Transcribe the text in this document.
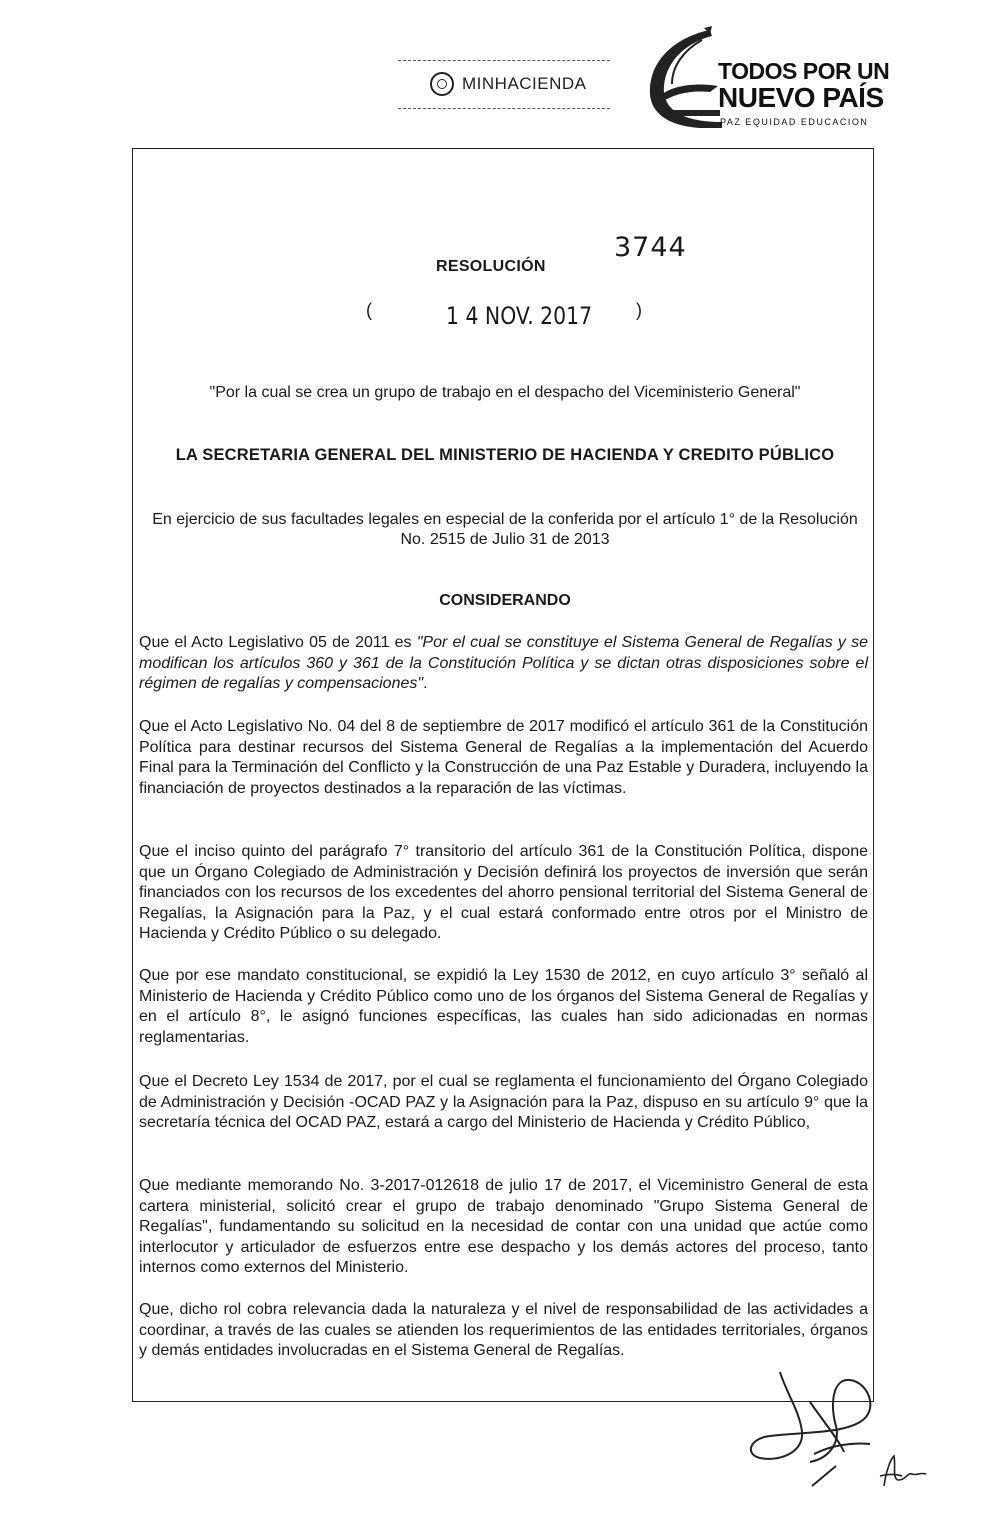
MINHACIENDA	TODOS POR UN
NUEVO PAÍS
PAZ EQUIDAD EDUCACION
RESOLUCIÓN
3744
(	1 4 NOV. 2017 )
"Por la cual se crea un grupo de trabajo en el despacho del Viceministerio General"
LA SECRETARIA GENERAL DEL MINISTERIO DE HACIENDA Y CREDITO PÚBLICO
En ejercicio de sus facultades legales en especial de la conferida por el artículo 1° de la Resolución No. 2515 de Julio 31 de 2013
CONSIDERANDO

Que el Acto Legislativo 05 de 2011 es "Por el cual se constituye el Sistema General de Regalías y se modifican los artículos 360 y 361 de la Constitución Política y se dictan otras disposiciones sobre el régimen de regalías y compensaciones".

Que el Acto Legislativo No. 04 del 8 de septiembre de 2017 modificó el artículo 361 de la Constitución Política para destinar recursos del Sistema General de Regalías a la implementación del Acuerdo Final para la Terminación del Conflicto y la Construcción de una Paz Estable y Duradera, incluyendo la financiación de proyectos destinados a la reparación de las víctimas.

Que el inciso quinto del parágrafo 7° transitorio del artículo 361 de la Constitución Política, dispone que un Órgano Colegiado de Administración y Decisión definirá los proyectos de inversión que serán financiados con los recursos de los excedentes del ahorro pensional territorial del Sistema General de Regalías, la Asignación para la Paz, y el cual estará conformado entre otros por el Ministro de Hacienda y Crédito Público o su delegado.

Que por ese mandato constitucional, se expidió la Ley 1530 de 2012, en cuyo artículo 3° señaló al Ministerio de Hacienda y Crédito Público como uno de los órganos del Sistema General de Regalías y en el artículo 8°, le asignó funciones específicas, las cuales han sido adicionadas en normas reglamentarias.

Que el Decreto Ley 1534 de 2017, por el cual se reglamenta el funcionamiento del Órgano Colegiado de Administración y Decisión -OCAD PAZ y la Asignación para la Paz, dispuso en su artículo 9° que la secretaría técnica del OCAD PAZ, estará a cargo del Ministerio de Hacienda y Crédito Público,

Que mediante memorando No. 3-2017-012618 de julio 17 de 2017, el Viceministro General de esta cartera ministerial, solicitó crear el grupo de trabajo denominado "Grupo Sistema General de Regalías", fundamentando su solicitud en la necesidad de contar con una unidad que actúe como interlocutor y articulador de esfuerzos entre ese despacho y los demás actores del proceso, tanto internos como externos del Ministerio.

Que, dicho rol cobra relevancia dada la naturaleza y el nivel de responsabilidad de las actividades a coordinar, a través de las cuales se atienden los requerimientos de las entidades territoriales, órganos y demás entidades involucradas en el Sistema General de Regalías.
